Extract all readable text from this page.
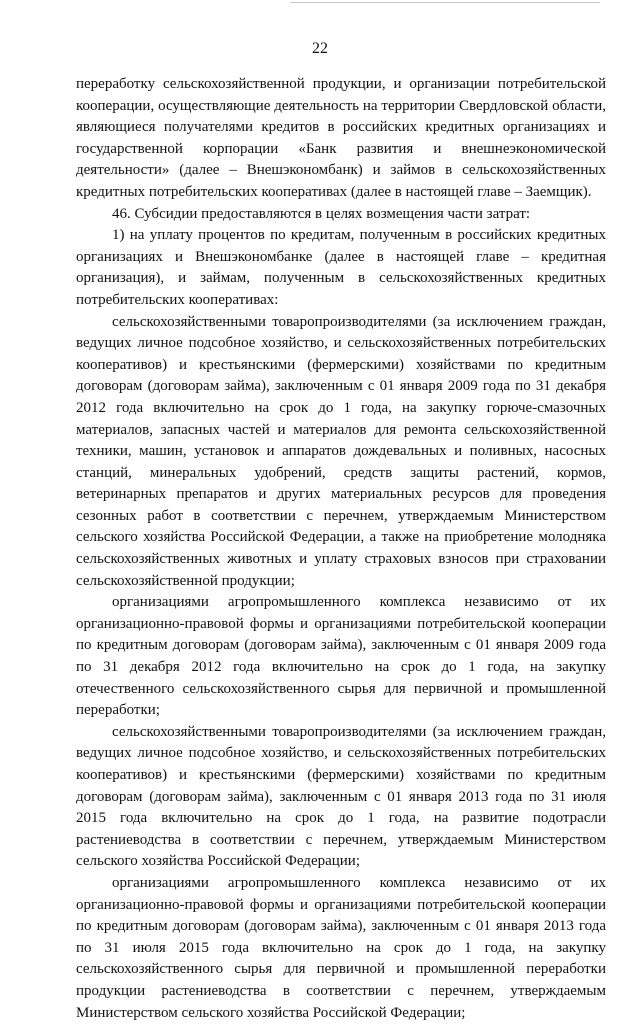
22

переработку сельскохозяйственной продукции, и организации потребительской кооперации, осуществляющие деятельность на территории Свердловской области, являющиеся получателями кредитов в российских кредитных организациях и государственной корпорации «Банк развития и внешнеэкономической деятельности» (далее – Внешэкономбанк) и займов в сельскохозяйственных кредитных потребительских кооперативах (далее в настоящей главе – Заемщик).

46. Субсидии предоставляются в целях возмещения части затрат:

1) на уплату процентов по кредитам, полученным в российских кредитных организациях и Внешэкономбанке (далее в настоящей главе – кредитная организация), и займам, полученным в сельскохозяйственных кредитных потребительских кооперативах:

сельскохозяйственными товаропроизводителями (за исключением граждан, ведущих личное подсобное хозяйство, и сельскохозяйственных потребительских кооперативов) и крестьянскими (фермерскими) хозяйствами по кредитным договорам (договорам займа), заключенным с 01 января 2009 года по 31 декабря 2012 года включительно на срок до 1 года, на закупку горюче-смазочных материалов, запасных частей и материалов для ремонта сельскохозяйственной техники, машин, установок и аппаратов дождевальных и поливных, насосных станций, минеральных удобрений, средств защиты растений, кормов, ветеринарных препаратов и других материальных ресурсов для проведения сезонных работ в соответствии с перечнем, утверждаемым Министерством сельского хозяйства Российской Федерации, а также на приобретение молодняка сельскохозяйственных животных и уплату страховых взносов при страховании сельскохозяйственной продукции;

организациями агропромышленного комплекса независимо от их организационно-правовой формы и организациями потребительской кооперации по кредитным договорам (договорам займа), заключенным с 01 января 2009 года по 31 декабря 2012 года включительно на срок до 1 года, на закупку отечественного сельскохозяйственного сырья для первичной и промышленной переработки;

сельскохозяйственными товаропроизводителями (за исключением граждан, ведущих личное подсобное хозяйство, и сельскохозяйственных потребительских кооперативов) и крестьянскими (фермерскими) хозяйствами по кредитным договорам (договорам займа), заключенным с 01 января 2013 года по 31 июля 2015 года включительно на срок до 1 года, на развитие подотрасли растениеводства в соответствии с перечнем, утверждаемым Министерством сельского хозяйства Российской Федерации;

организациями агропромышленного комплекса независимо от их организационно-правовой формы и организациями потребительской кооперации по кредитным договорам (договорам займа), заключенным с 01 января 2013 года по 31 июля 2015 года включительно на срок до 1 года, на закупку сельскохозяйственного сырья для первичной и промышленной переработки продукции растениеводства в соответствии с перечнем, утверждаемым Министерством сельского хозяйства Российской Федерации;
